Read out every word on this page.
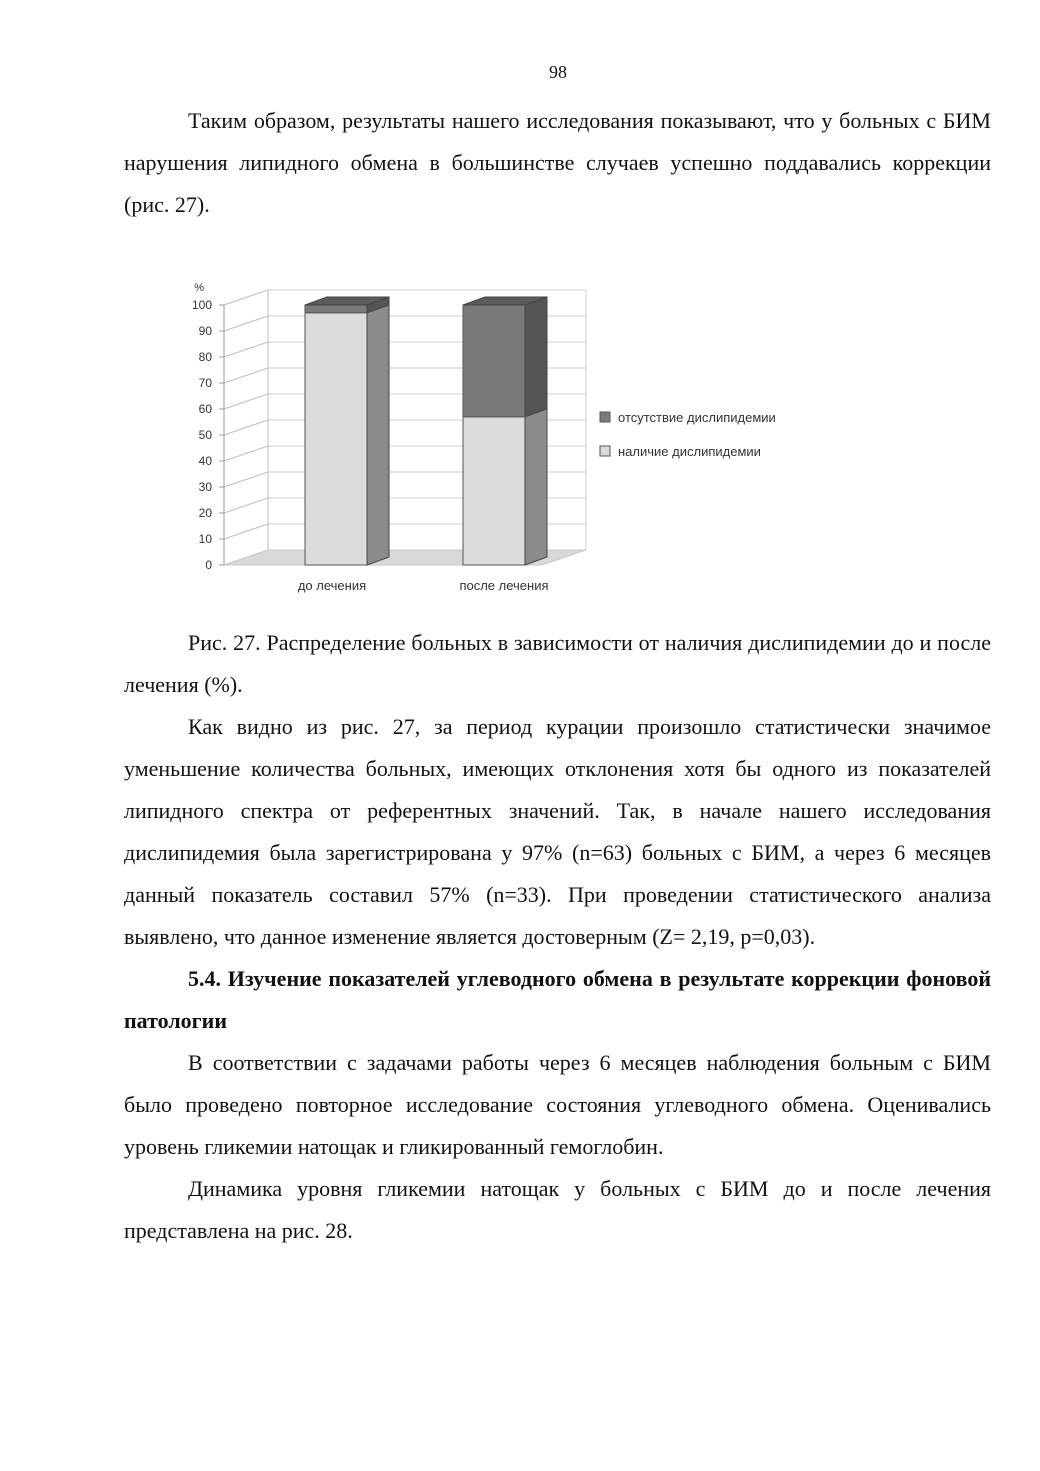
98

Таким образом, результаты нашего исследования показывают, что у больных с БИМ нарушения липидного обмена в большинстве случаев успешно поддавались коррекции (рис. 27).

0
10
20
30
40
50
60
70
80
90
100
%
до лечения	после лечения
отсутствие дислипидемии
наличие дислипидемии

Рис. 27. Распределение больных в зависимости от наличия дислипидемии до и после лечения (%).

Как видно из рис. 27, за период курации произошло статистически значимое уменьшение количества больных, имеющих отклонения хотя бы одного из показателей липидного спектра от референтных значений. Так, в начале нашего исследования дислипидемия была зарегистрирована у 97% (n=63) больных с БИМ, а через 6 месяцев данный показатель составил 57% (n=33). При проведении статистического анализа выявлено, что данное изменение является достоверным (Z= 2,19, p=0,03).

5.4. Изучение показателей углеводного обмена в результате коррекции фоновой патологии

В соответствии с задачами работы через 6 месяцев наблюдения больным с БИМ было проведено повторное исследование состояния углеводного обмена. Оценивались уровень гликемии натощак и гликированный гемоглобин.

Динамика уровня гликемии натощак у больных с БИМ до и после лечения представлена на рис. 28.
